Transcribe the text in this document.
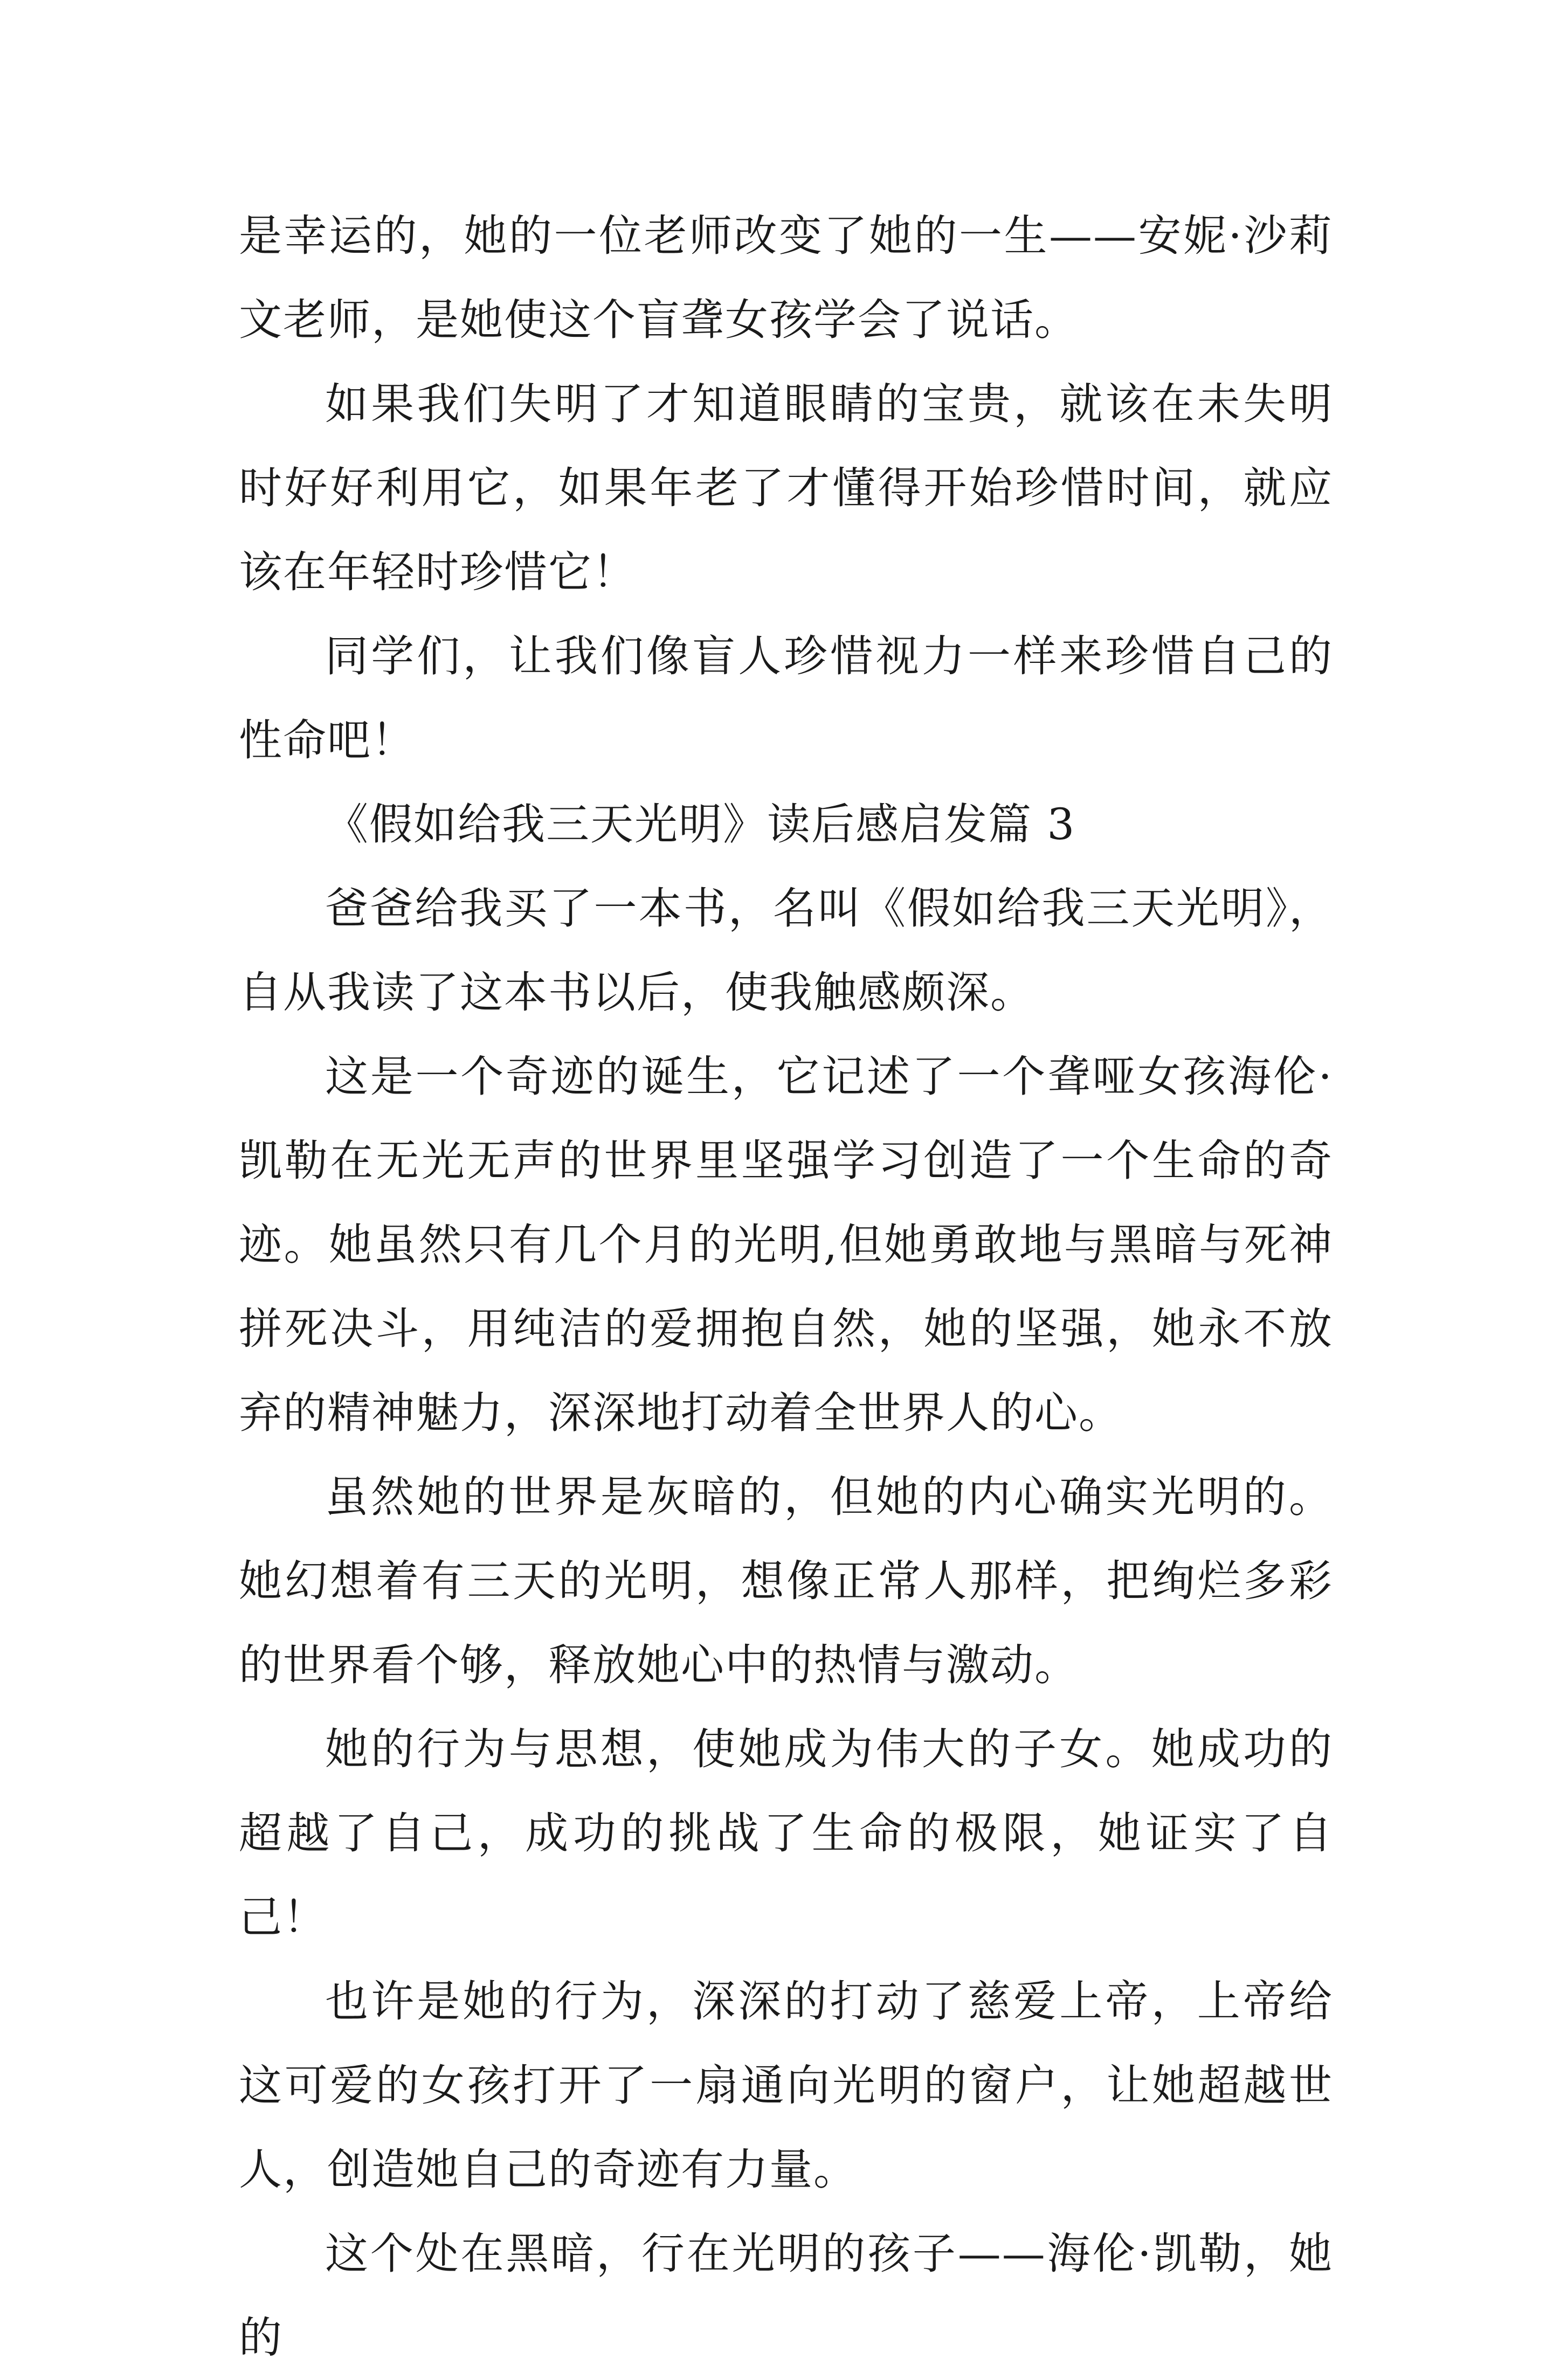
是幸运的，她的一位老师改变了她的一生——安妮·沙莉文老师，是她使这个盲聋女孩学会了说话。

如果我们失明了才知道眼睛的宝贵，就该在未失明时好好利用它，如果年老了才懂得开始珍惜时间，就应该在年轻时珍惜它！

同学们，让我们像盲人珍惜视力一样来珍惜自己的性命吧！

《假如给我三天光明》读后感启发篇 3

爸爸给我买了一本书，名叫《假如给我三天光明》，自从我读了这本书以后，使我触感颇深。

这是一个奇迹的诞生，它记述了一个聋哑女孩海伦·凯勒在无光无声的世界里坚强学习创造了一个生命的奇迹。她虽然只有几个月的光明,但她勇敢地与黑暗与死神拼死决斗，用纯洁的爱拥抱自然，她的坚强，她永不放弃的精神魅力，深深地打动着全世界人的心。

虽然她的世界是灰暗的，但她的内心确实光明的。她幻想着有三天的光明，想像正常人那样，把绚烂多彩的世界看个够，释放她心中的热情与激动。

她的行为与思想，使她成为伟大的子女。她成功的超越了自己，成功的挑战了生命的极限，她证实了自己！

也许是她的行为，深深的打动了慈爱上帝，上帝给这可爱的女孩打开了一扇通向光明的窗户，让她超越世人，创造她自己的奇迹有力量。

这个处在黑暗，行在光明的孩子——海伦·凯勒，她的
